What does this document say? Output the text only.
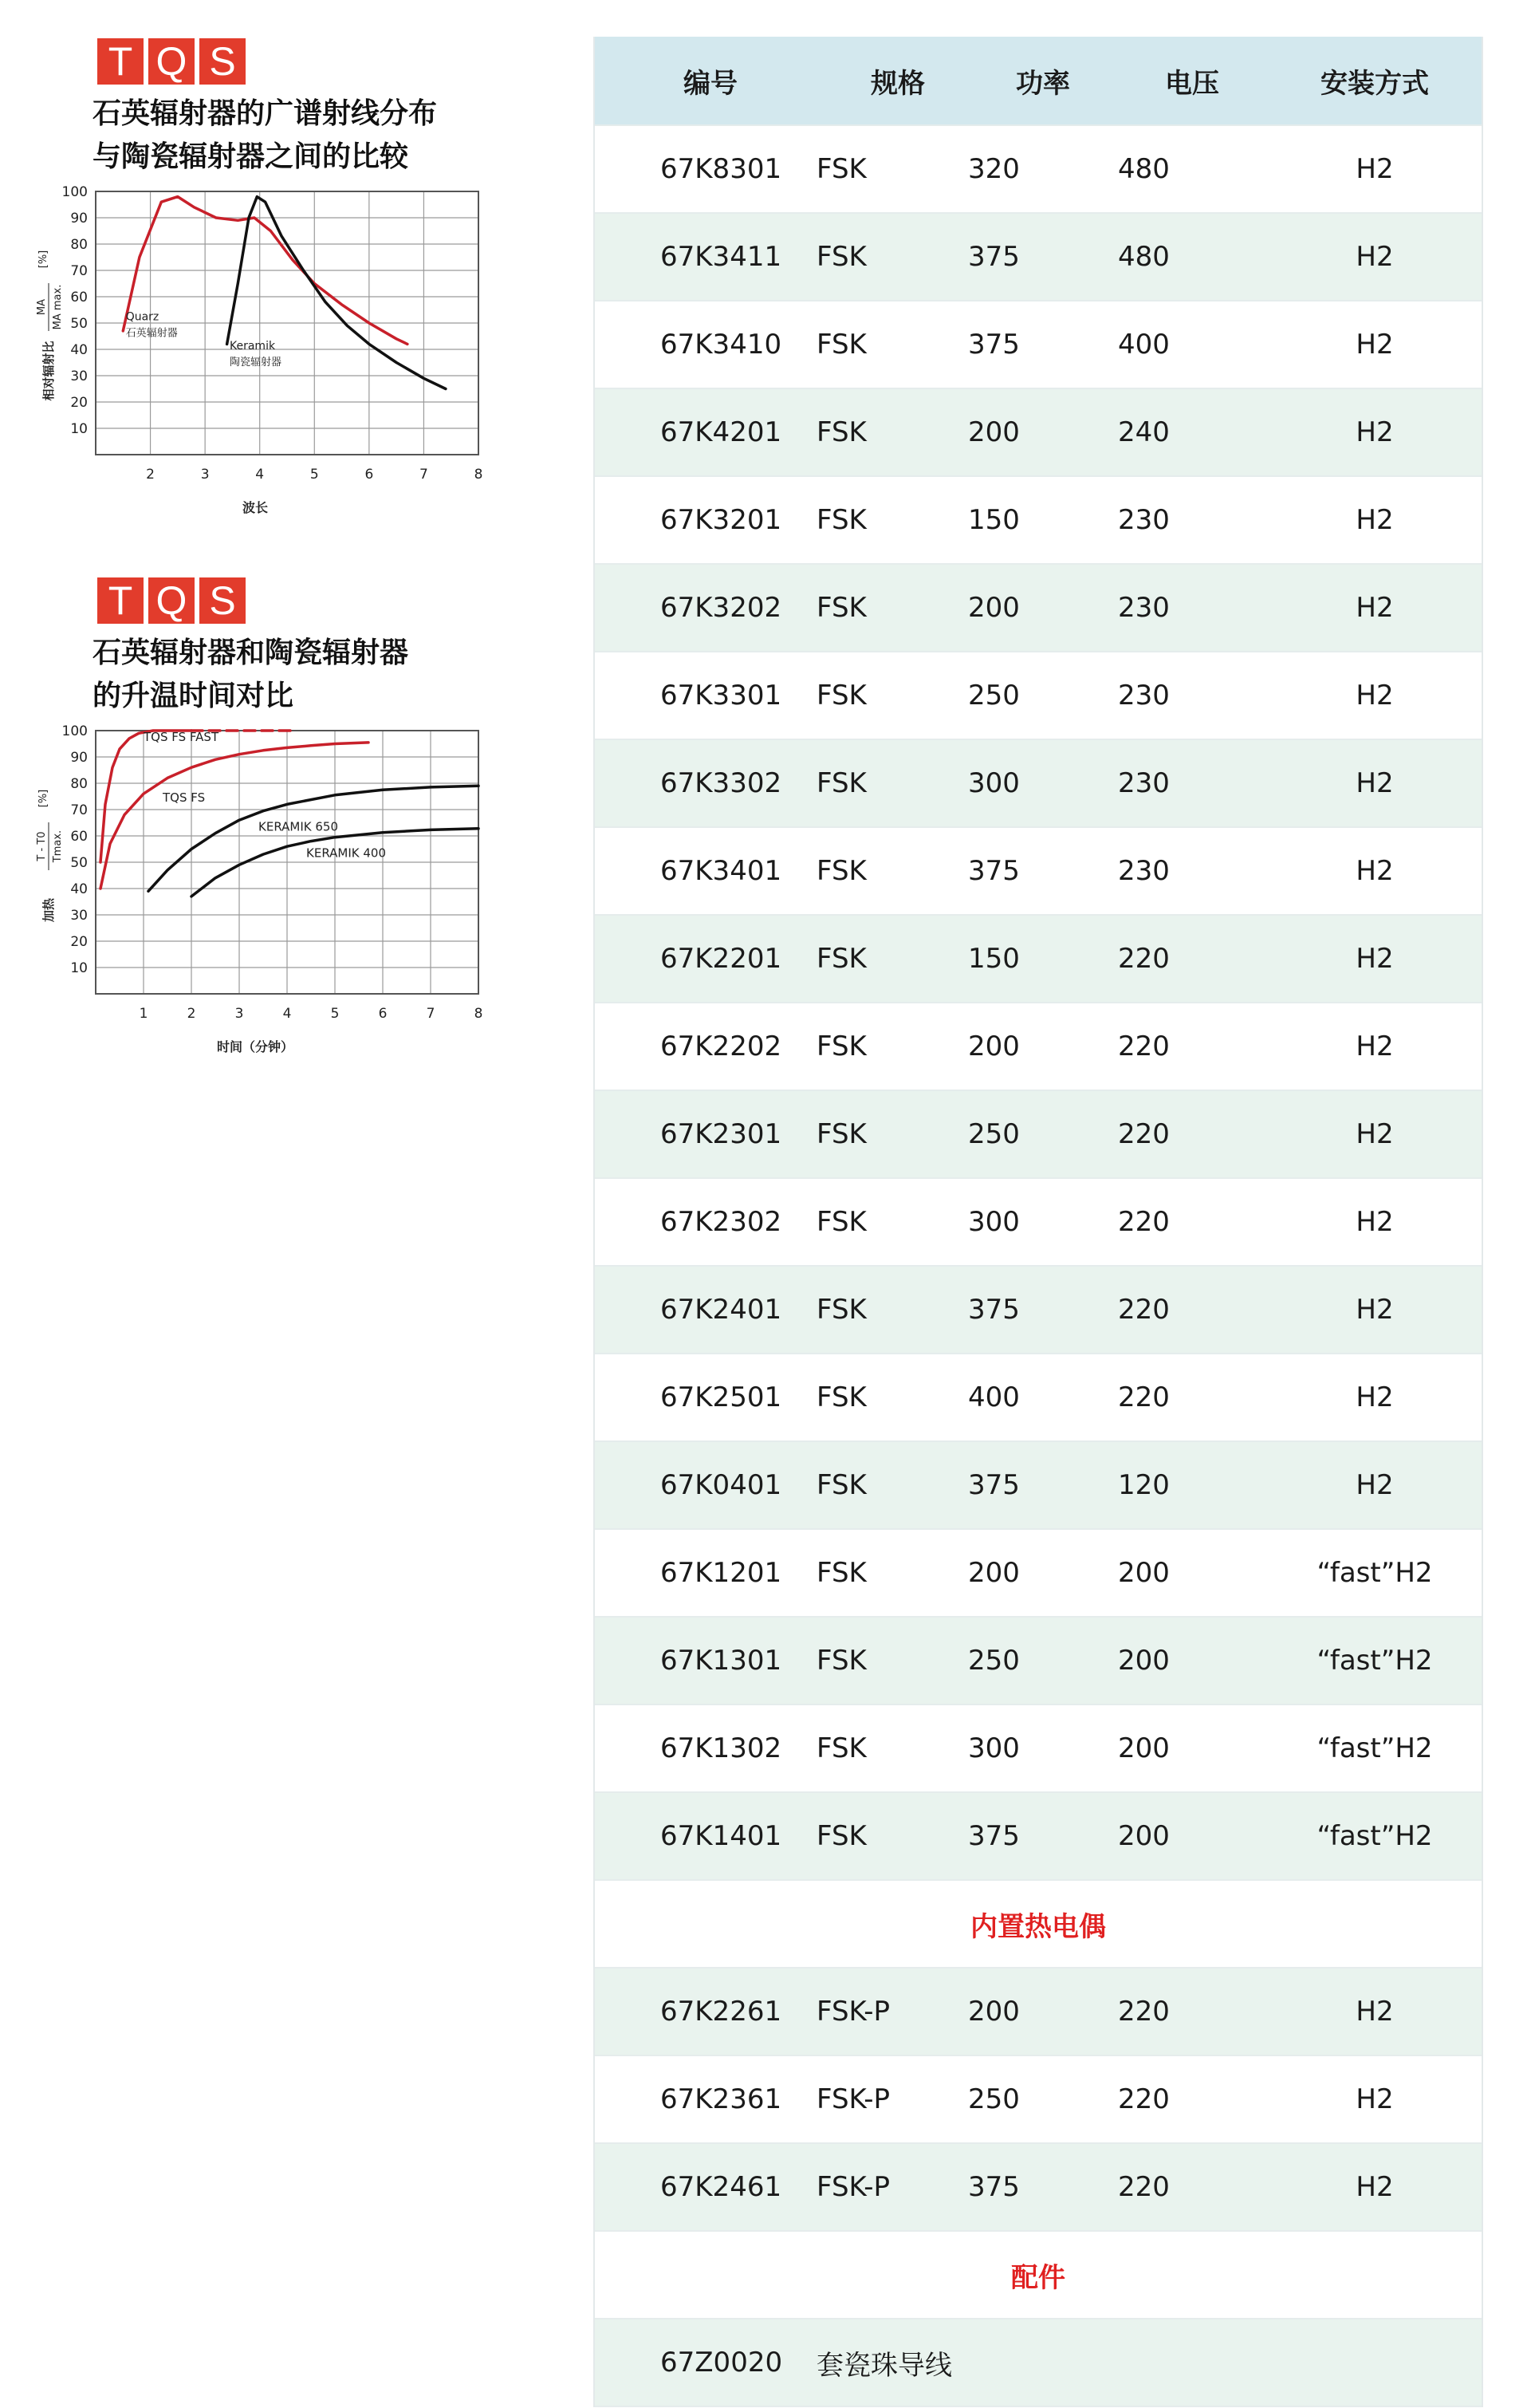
T Q S
石英辐射器的广谱射线分布
与陶瓷辐射器之间的比较
10
20
30
40
50
60
70
80
90
100
2	3	4	5	6	7	8
波长
相对辐射比
MA MA max.
[%]
Quarz
石英辐射器
Keramik
陶瓷辐射器
T Q S
石英辐射器和陶瓷辐射器
的升温时间对比
10
20
30
40
50
60
70
80
90
100
1	2	3	4	5	6	7	8
时间（分钟）
加热
T - T0 Tmax.
[%]
TQS FS FAST
TQS FS
KERAMIK 650
KERAMIK 400
编号	规格	功率	电压	安装方式
67K8301	FSK	320	480	H2
67K3411	FSK	375	480	H2
67K3410	FSK	375	400	H2
67K4201	FSK	200	240	H2
67K3201	FSK	150	230	H2
67K3202	FSK	200	230	H2
67K3301	FSK	250	230	H2
67K3302	FSK	300	230	H2
67K3401	FSK	375	230	H2
67K2201	FSK	150	220	H2
67K2202	FSK	200	220	H2
67K2301	FSK	250	220	H2
67K2302	FSK	300	220	H2
67K2401	FSK	375	220	H2
67K2501	FSK	400	220	H2
67K0401	FSK	375	120	H2
67K1201	FSK	200	200	“fast”H2
67K1301	FSK	250	200	“fast”H2
67K1302	FSK	300	200	“fast”H2
67K1401	FSK	375	200	“fast”H2
内置热电偶
67K2261	FSK-P	200	220	H2
67K2361	FSK-P	250	220	H2
67K2461	FSK-P	375	220	H2
配件
67Z0020	套瓷珠导线
